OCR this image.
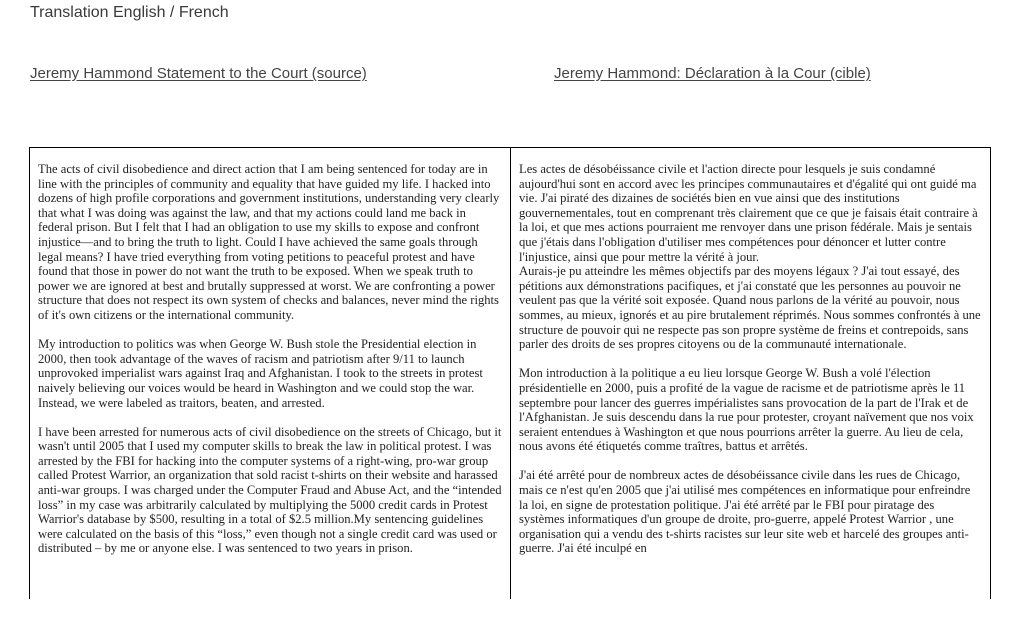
Translation English / French
Jeremy Hammond Statement to the Court (source)	Jeremy Hammond: Déclaration à la Cour (cible)

The acts of civil disobedience and direct action that I am being sentenced for today are in line with the principles of community and equality that have guided my life. I hacked into dozens of high profile corporations and government institutions, understanding very clearly that what I was doing was against the law, and that my actions could land me back in federal prison. But I felt that I had an obligation to use my skills to expose and confront injustice—and to bring the truth to light. Could I have achieved the same goals through legal means? I have tried everything from voting petitions to peaceful protest and have found that those in power do not want the truth to be exposed. When we speak truth to power we are ignored at best and brutally suppressed at worst. We are confronting a power structure that does not respect its own system of checks and balances, never mind the rights of it's own citizens or the international community.

My introduction to politics was when George W. Bush stole the Presidential election in 2000, then took advantage of the waves of racism and patriotism after 9/11 to launch unprovoked imperialist wars against Iraq and Afghanistan. I took to the streets in protest naively believing our voices would be heard in Washington and we could stop the war. Instead, we were labeled as traitors, beaten, and arrested.

I have been arrested for numerous acts of civil disobedience on the streets of Chicago, but it wasn't until 2005 that I used my computer skills to break the law in political protest. I was arrested by the FBI for hacking into the computer systems of a right-wing, pro-war group called Protest Warrior, an organization that sold racist t-shirts on their website and harassed anti-war groups. I was charged under the Computer Fraud and Abuse Act, and the “intended loss” in my case was arbitrarily calculated by multiplying the 5000 credit cards in Protest Warrior's database by $500, resulting in a total of $2.5 million.My sentencing guidelines were calculated on the basis of this “loss,” even though not a single credit card was used or distributed – by me or anyone else. I was sentenced to two years in prison.

Les actes de désobéissance civile et l'action directe pour lesquels je suis condamné aujourd'hui sont en accord avec les principes communautaires et d'égalité qui ont guidé ma vie. J'ai piraté des dizaines de sociétés bien en vue ainsi que des institutions gouvernementales, tout en comprenant très clairement que ce que je faisais était contraire à la loi, et que mes actions pourraient me renvoyer dans une prison fédérale. Mais je sentais que j'étais dans l'obligation d'utiliser mes compétences pour dénoncer et lutter contre l'injustice, ainsi que pour mettre la vérité à jour.

Aurais-je pu atteindre les mêmes objectifs par des moyens légaux ? J'ai tout essayé, des pétitions aux démonstrations pacifiques, et j'ai constaté que les personnes au pouvoir ne veulent pas que la vérité soit exposée. Quand nous parlons de la vérité au pouvoir, nous sommes, au mieux, ignorés et au pire brutalement réprimés. Nous sommes confrontés à une structure de pouvoir qui ne respecte pas son propre système de freins et contrepoids, sans parler des droits de ses propres citoyens ou de la communauté internationale.

Mon introduction à la politique a eu lieu lorsque George W. Bush a volé l'élection présidentielle en 2000, puis a profité de la vague de racisme et de patriotisme après le 11 septembre pour lancer des guerres impérialistes sans provocation de la part de l'Irak et de l'Afghanistan. Je suis descendu dans la rue pour protester, croyant naïvement que nos voix seraient entendues à Washington et que nous pourrions arrêter la guerre. Au lieu de cela, nous avons été étiquetés comme traîtres, battus et arrêtés.

J'ai été arrêté pour de nombreux actes de désobéissance civile dans les rues de Chicago, mais ce n'est qu'en 2005 que j'ai utilisé mes compétences en informatique pour enfreindre la loi, en signe de protestation politique. J'ai été arrêté par le FBI pour piratage des systèmes informatiques d'un groupe de droite, pro-guerre, appelé Protest Warrior , une organisation qui a vendu des t-shirts racistes sur leur site web et harcelé des groupes anti- guerre. J'ai été inculpé en
